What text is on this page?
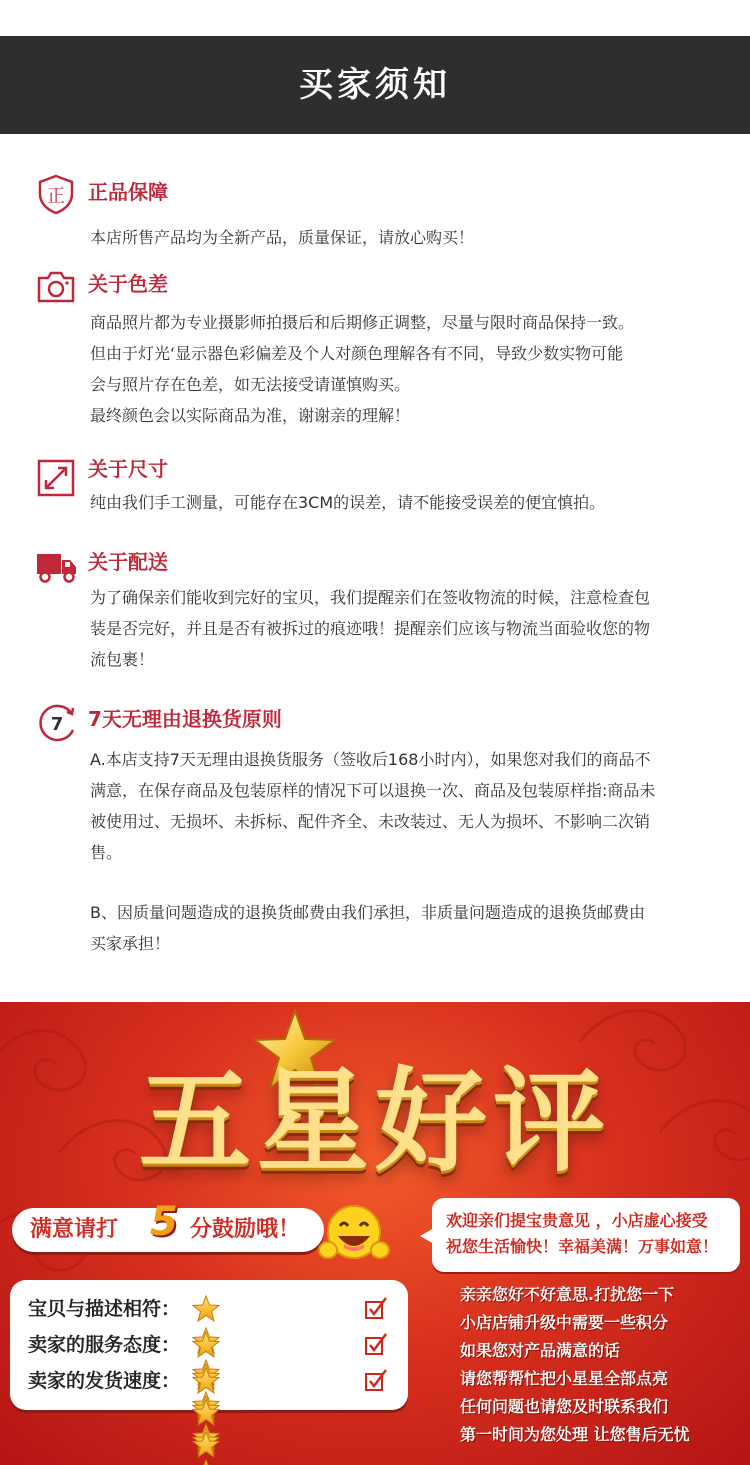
买家须知
正 正品保障

本店所售产品均为全新产品，质量保证，请放心购买！

关于色差

商品照片都为专业摄影师拍摄后和后期修正调整，尽量与限时商品保持一致。

但由于灯光‘显示器色彩偏差及个人对颜色理解各有不同，导致少数实物可能

会与照片存在色差，如无法接受请谨慎购买。

最终颜色会以实际商品为准，谢谢亲的理解！

关于尺寸

纯由我们手工测量，可能存在3CM的误差，请不能接受误差的便宜慎拍。

关于配送

为了确保亲们能收到完好的宝贝，我们提醒亲们在签收物流的时候，注意检查包

装是否完好，并且是否有被拆过的痕迹哦！提醒亲们应该与物流当面验收您的物

流包裹！

7 7天无理由退换货原则

A.本店支持7天无理由退换货服务（签收后168小时内），如果您对我们的商品不

满意，在保存商品及包装原样的情况下可以退换一次、商品及包装原样指:商品未

被使用过、无损坏、未拆标、配件齐全、未改装过、无人为损坏、不影响二次销

售。

B、因质量问题造成的退换货邮费由我们承担，非质量问题造成的退换货邮费由

买家承担！

五星好评
满意请打 5 分鼓励哦！	欢迎亲们提宝贵意见 ，小店虚心接受
祝您生活愉快！幸福美满！万事如意！
宝贝与描述相符：
卖家的服务态度：
卖家的发货速度：
亲亲您好不好意思.打扰您一下
小店店铺升级中需要一些积分
如果您对产品满意的话
请您帮帮忙把小星星全部点亮
任何问题也请您及时联系我们
第一时间为您处理 让您售后无忧
